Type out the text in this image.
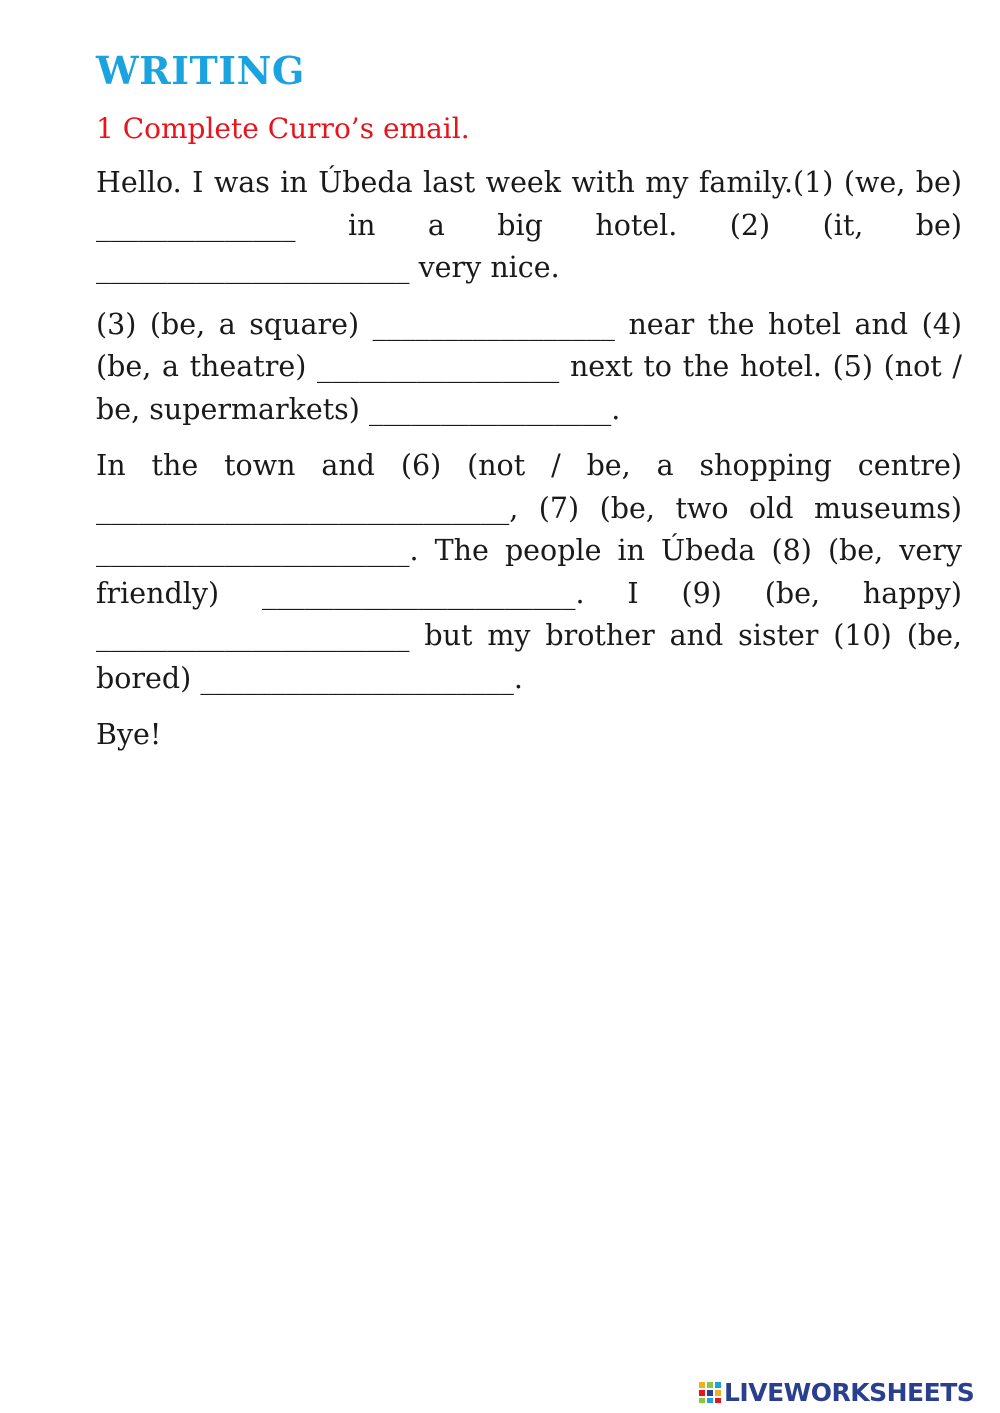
WRITING

1 Complete Curro’s email.

Hello. I was in Úbeda last week with my family.(1) (we, be) ______________ in a big hotel. (2) (it, be) ______________________ very nice.

(3) (be, a square) _________________ near the hotel and (4) (be, a theatre) _________________ next to the hotel. (5) (not / be, supermarkets) _________________.

In the town and (6) (not / be, a shopping centre) _____________________________, (7) (be, two old museums) ______________________. The people in Úbeda (8) (be, very friendly) ______________________. I (9) (be, happy) ______________________ but my brother and sister (10) (be, bored) ______________________.

Bye!

LIVEWORKSHEETS
